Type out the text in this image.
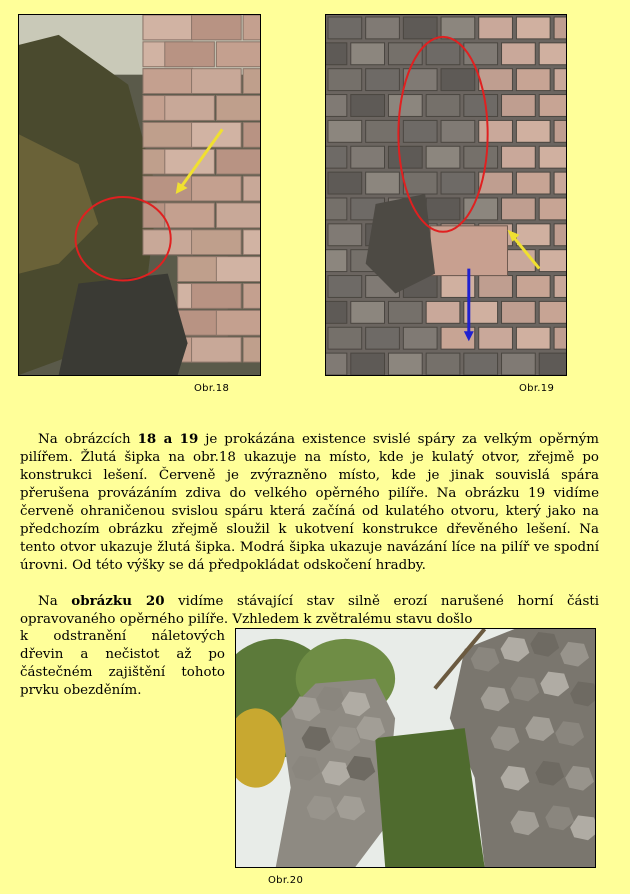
Obr.18	Obr.19
Obr.20

Na obrázcích 18 a 19 je prokázána existence svislé spáry za velkým opěrným pilířem. Žlutá šipka na obr.18 ukazuje na místo, kde je kulatý otvor, zřejmě po konstrukci lešení. Červeně je zvýrazněno místo, kde je jinak souvislá spára přerušena provázáním zdiva do velkého opěrného pilíře. Na obrázku 19 vidíme červeně ohraničenou svislou spáru která začíná od kulatého otvoru, který jako na předchozím obrázku zřejmě sloužil k ukotvení konstrukce dřevěného lešení. Na tento otvor ukazuje žlutá šipka. Modrá šipka ukazuje navázání líce na pilíř ve spodní úrovni. Od této výšky se dá předpokládat odskočení hradby.

Na obrázku 20 vidíme stávající stav silně erozí narušené horní části opravovaného opěrného pilíře. Vzhledem k zvětralému stavu došlo

k odstranění náletových dřevin a nečistot až po částečném zajištění tohoto prvku obezděním.
